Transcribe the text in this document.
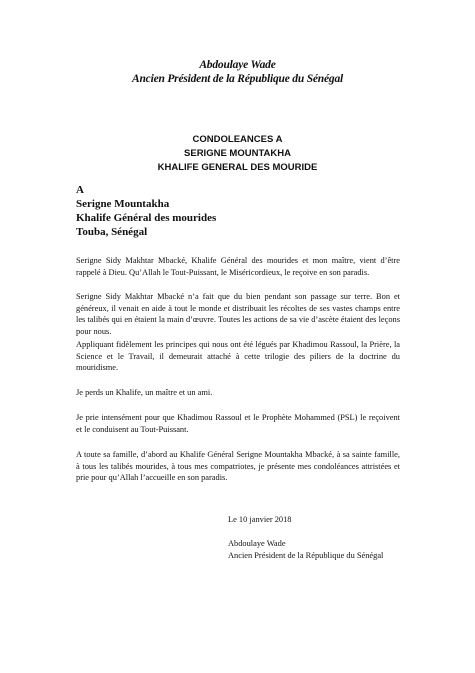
Abdoulaye Wade
Ancien Président de la République du Sénégal
CONDOLEANCES A
SERIGNE MOUNTAKHA
KHALIFE GENERAL DES MOURIDE
A
Serigne Mountakha
Khalife Général des mourides
Touba, Sénégal

Serigne Sidy Makhtar Mbacké, Khalife Général des mourides et mon maître, vient d’être rappelé à Dieu. Qu’Allah le Tout-Puissant, le Miséricordieux, le reçoive en son paradis.

Serigne Sidy Makhtar Mbacké n’a fait que du bien pendant son passage sur terre. Bon et généreux, il venait en aide à tout le monde et distribuait les récoltes de ses vastes champs entre les talibés qui en étaient la main d’œuvre. Toutes les actions de sa vie d’ascète étaient des leçons pour nous.

Appliquant fidèlement les principes qui nous ont été légués par Khadimou Rassoul, la Prière, la Science et le Travail, il demeurait attaché à cette trilogie des piliers de la doctrine du mouridisme.

Je perds un Khalife, un maître et un ami.

Je prie intensément pour que Khadimou Rassoul et le Prophète Mohammed (PSL) le reçoivent et le conduisent au Tout-Puissant.

A toute sa famille, d’abord au Khalife Général Serigne Mountakha Mbacké, à sa sainte famille, à tous les talibés mourides, à tous mes compatriotes, je présente mes condoléances attristées et prie pour qu’Allah l’accueille en son paradis.

Le 10 janvier 2018
Abdoulaye Wade
Ancien Président de la République du Sénégal
